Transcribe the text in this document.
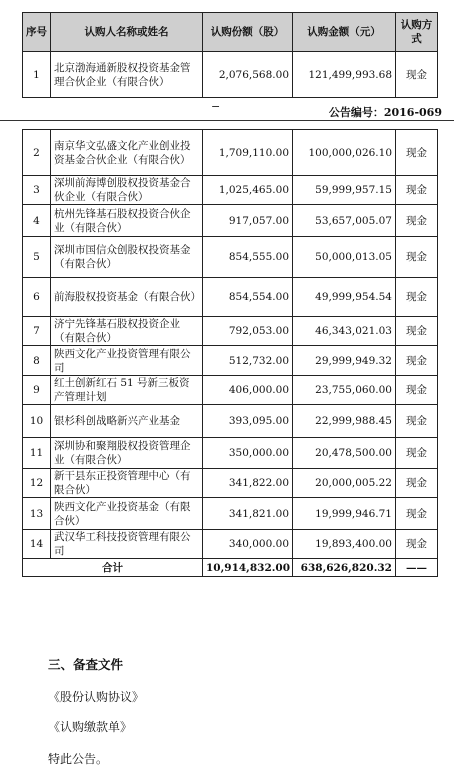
序号	认购人名称或姓名	认购份额（股）	认购金额（元）	认购方式
1	北京渤海通新股权投资基金管理合伙企业（有限合伙）	2,076,568.00	121,499,993.68	现金
−	公告编号：2016-069
2	南京华文弘盛文化产业创业投资基金合伙企业（有限合伙）	1,709,110.00	100,000,026.10	现金
3	深圳前海博创股权投资基金合伙企业（有限合伙）	1,025,465.00	59,999,957.15	现金
4	杭州先锋基石股权投资合伙企业（有限合伙）	917,057.00	53,657,005.07	现金
5	深圳市国信众创股权投资基金（有限合伙）	854,555.00	50,000,013.05	现金
6	前海股权投资基金（有限合伙）	854,554.00	49,999,954.54	现金
7	济宁先锋基石股权投资企业（有限合伙）	792,053.00	46,343,021.03	现金
8	陕西文化产业投资管理有限公司	512,732.00	29,999,949.32	现金
9	红土创新红石 51 号新三板资产管理计划	406,000.00	23,755,060.00	现金
10	银杉科创战略新兴产业基金	393,095.00	22,999,988.45	现金
11	深圳协和聚翔股权投资管理企业（有限合伙）	350,000.00	20,478,500.00	现金
12	新干县东正投资管理中心（有限合伙）	341,822.00	20,000,005.22	现金
13	陕西文化产业投资基金（有限合伙）	341,821.00	19,999,946.71	现金
14	武汉华工科技投资管理有限公司	340,000.00	19,893,400.00	现金
合计		10,914,832.00	638,626,820.32	——
三、备查文件
《股份认购协议》
《认购缴款单》
特此公告。
